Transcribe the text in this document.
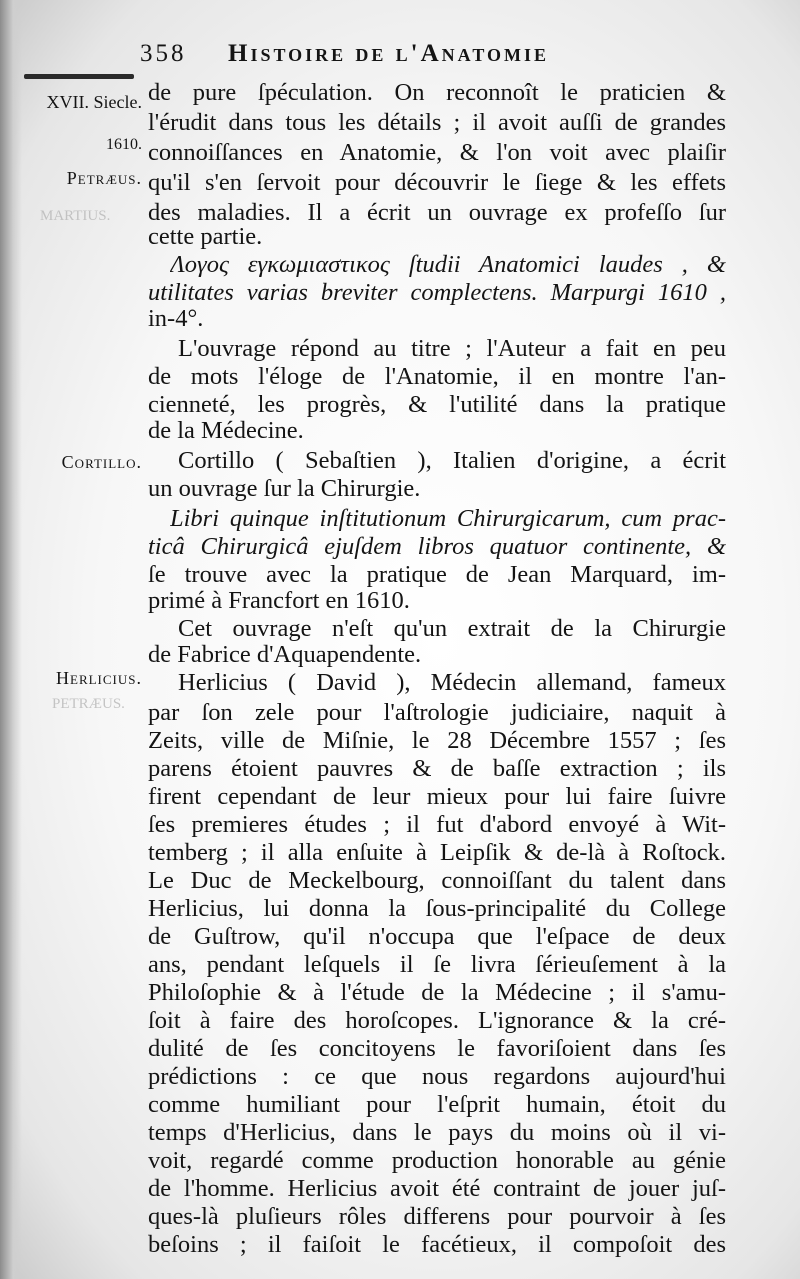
358 Histoire de l'Anatomie
MARTIUS.
PETRÆUS.
XVII. Siecle.
1610.
Petræus.
Cortillo.
Herlicius.
de pure ſpéculation. On reconnoît le praticien &
l'érudit dans tous les détails ; il avoit auſſi de grandes
connoiſſances en Anatomie, & l'on voit avec plaiſir
qu'il s'en ſervoit pour découvrir le ſiege & les effets
des maladies. Il a écrit un ouvrage ex profeſſo ſur
cette partie.
Λογος εγκωμιαστικος ſtudii Anatomici laudes , &
utilitates varias breviter complectens. Marpurgi 1610 ,
in-4°.
L'ouvrage répond au titre ; l'Auteur a fait en peu
de mots l'éloge de l'Anatomie, il en montre l'an-
cienneté, les progrès, & l'utilité dans la pratique
de la Médecine.
Cortillo ( Sebaſtien ), Italien d'origine, a écrit
un ouvrage ſur la Chirurgie.
Libri quinque inſtitutionum Chirurgicarum, cum prac-
ticâ Chirurgicâ ejuſdem libros quatuor continente, &
ſe trouve avec la pratique de Jean Marquard, im-
primé à Francfort en 1610.
Cet ouvrage n'eſt qu'un extrait de la Chirurgie
de Fabrice d'Aquapendente.
Herlicius ( David ), Médecin allemand, fameux
par ſon zele pour l'aſtrologie judiciaire, naquit à
Zeits, ville de Miſnie, le 28 Décembre 1557 ; ſes
parens étoient pauvres & de baſſe extraction ; ils
firent cependant de leur mieux pour lui faire ſuivre
ſes premieres études ; il fut d'abord envoyé à Wit-
temberg ; il alla enſuite à Leipſik & de-là à Roſtock.
Le Duc de Meckelbourg, connoiſſant du talent dans
Herlicius, lui donna la ſous-principalité du College
de Guſtrow, qu'il n'occupa que l'eſpace de deux
ans, pendant leſquels il ſe livra ſérieuſement à la
Philoſophie & à l'étude de la Médecine ; il s'amu-
ſoit à faire des horoſcopes. L'ignorance & la cré-
dulité de ſes concitoyens le favoriſoient dans ſes
prédictions : ce que nous regardons aujourd'hui
comme humiliant pour l'eſprit humain, étoit du
temps d'Herlicius, dans le pays du moins où il vi-
voit, regardé comme production honorable au génie
de l'homme. Herlicius avoit été contraint de jouer juſ-
ques-là pluſieurs rôles differens pour pourvoir à ſes
beſoins ; il faiſoit le facétieux, il compoſoit des
